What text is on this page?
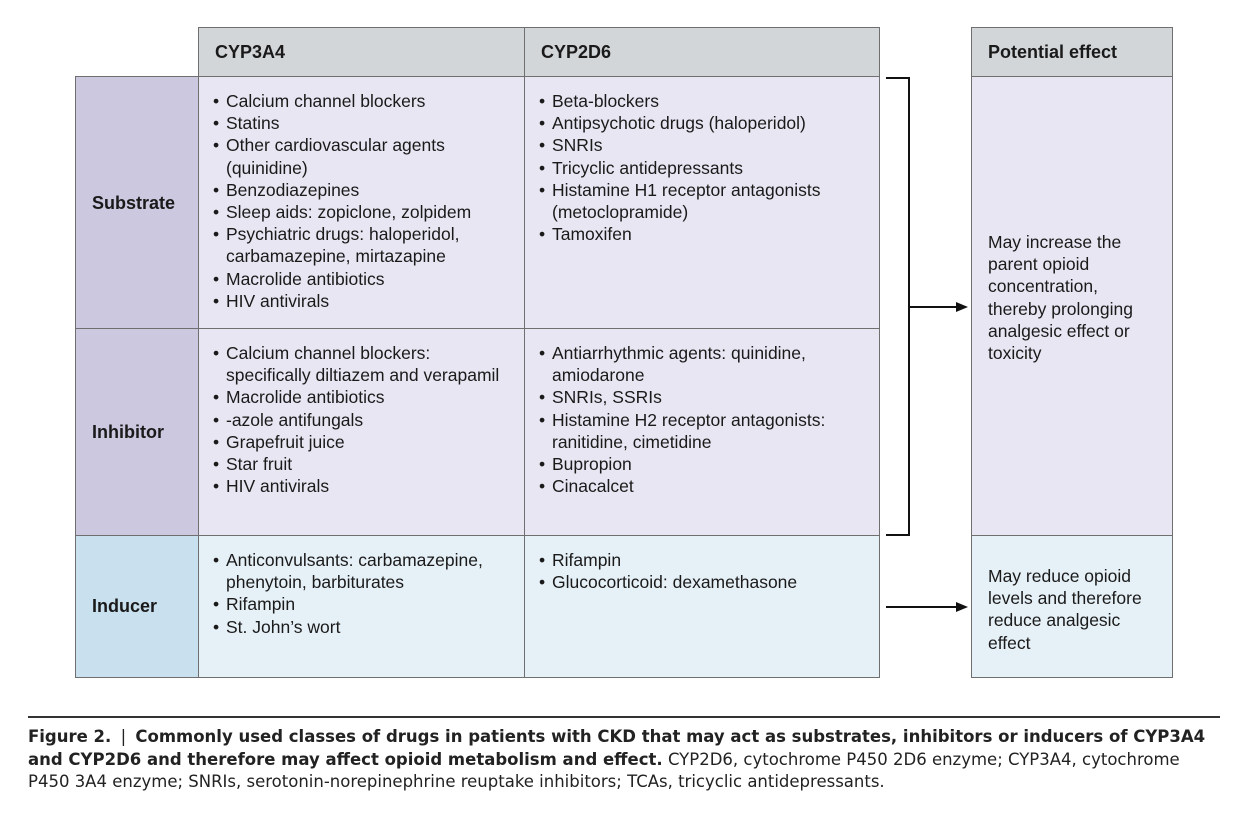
CYP3A4	CYP2D6	Potential effect
Substrate
• Calcium channel blockers
• Statins
• Other cardiovascular agents (quinidine)
• Benzodiazepines
• Sleep aids: zopiclone, zolpidem
• Psychiatric drugs: haloperidol, carbamazepine, mirtazapine
• Macrolide antibiotics
• HIV antivirals
• Beta-blockers
• Antipsychotic drugs (haloperidol)
• SNRIs
• Tricyclic antidepressants
• Histamine H1 receptor antagonists (metoclopramide)
• Tamoxifen
Inhibitor
• Calcium channel blockers: specifically diltiazem and verapamil
• Macrolide antibiotics
• -azole antifungals
• Grapefruit juice
• Star fruit
• HIV antivirals
• Antiarrhythmic agents: quinidine, amiodarone
• SNRIs, SSRIs
• Histamine H2 receptor antagonists: ranitidine, cimetidine
• Bupropion
• Cinacalcet
Inducer
• Anticonvulsants: carbamazepine, phenytoin, barbiturates
• Rifampin
• St. John’s wort
• Rifampin
• Glucocorticoid: dexamethasone
May increase the parent opioid concentration, thereby prolonging analgesic effect or toxicity
May reduce opioid levels and therefore reduce analgesic effect
Figure 2. | Commonly used classes of drugs in patients with CKD that may act as substrates, inhibitors or inducers of CYP3A4 and CYP2D6 and therefore may affect opioid metabolism and effect. CYP2D6, cytochrome P450 2D6 enzyme; CYP3A4, cytochrome P450 3A4 enzyme; SNRIs, serotonin-norepinephrine reuptake inhibitors; TCAs, tricyclic antidepressants.
